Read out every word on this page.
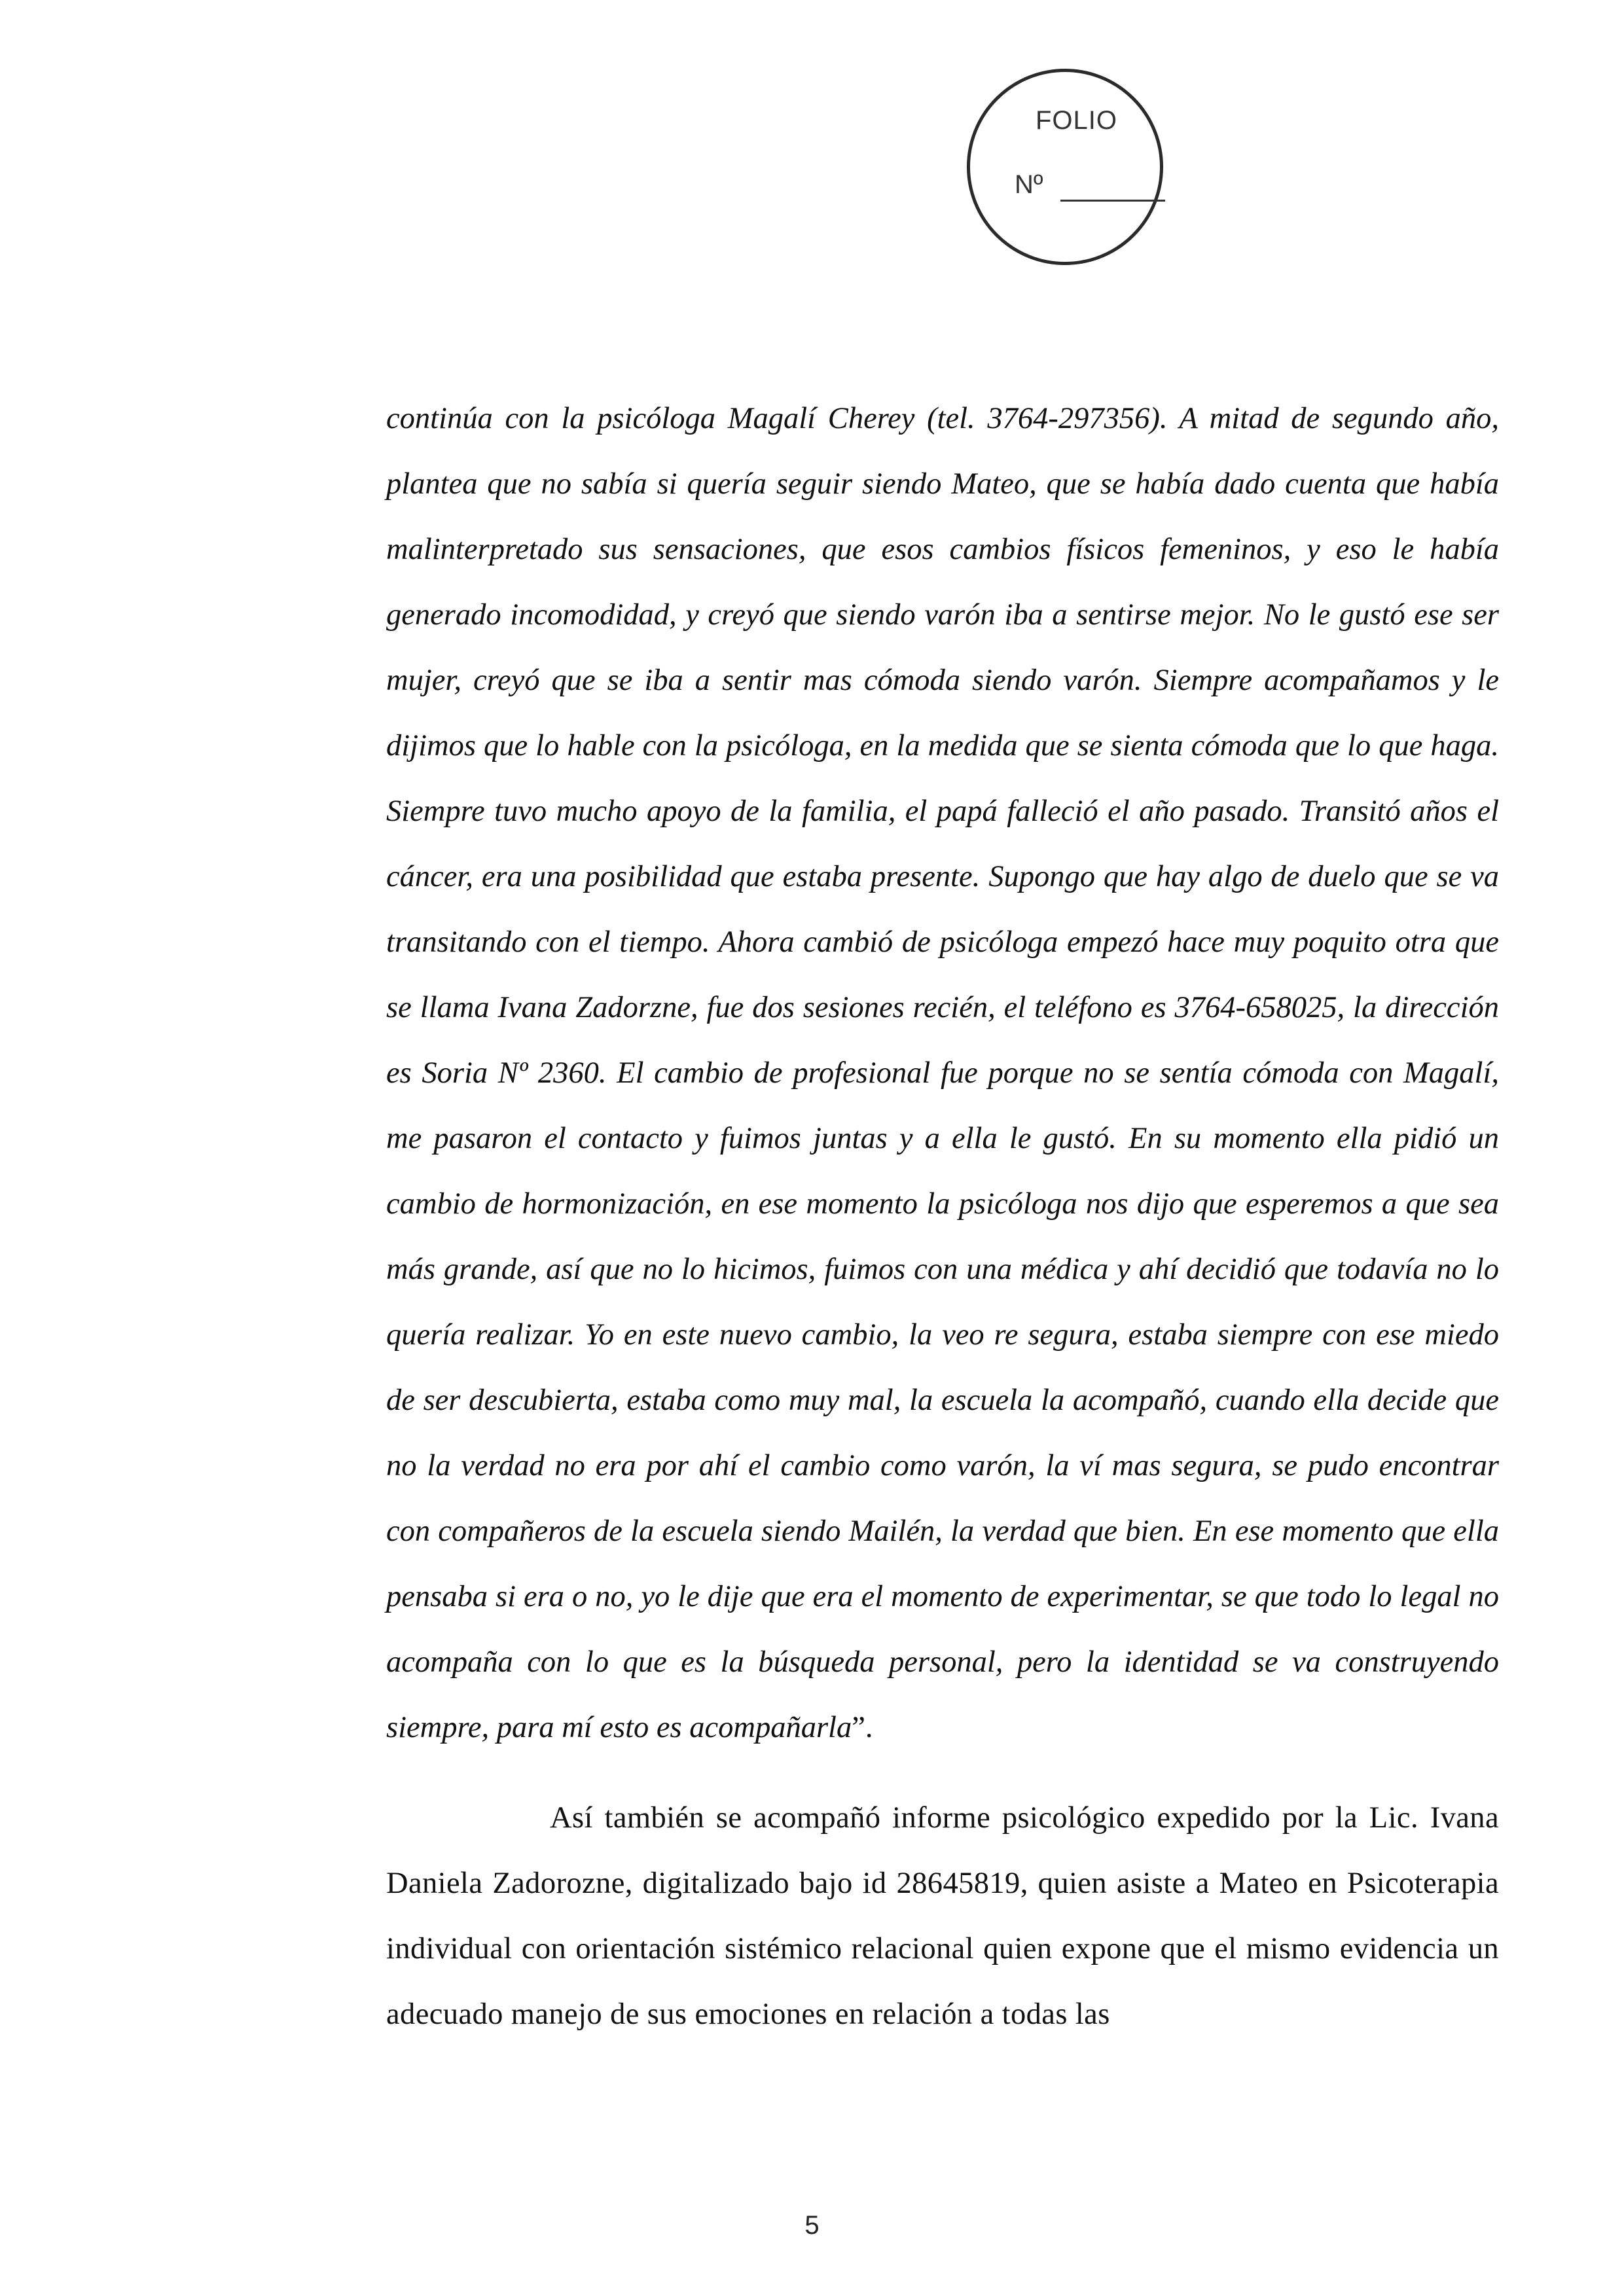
FOLIO
Nº

continúa con la psicóloga Magalí Cherey (tel. 3764-297356). A mitad de segundo año, plantea que no sabía si quería seguir siendo Mateo, que se había dado cuenta que había malinterpretado sus sensaciones, que esos cambios físicos femeninos, y eso le había generado incomodidad, y creyó que siendo varón iba a sentirse mejor. No le gustó ese ser mujer, creyó que se iba a sentir mas cómoda siendo varón. Siempre acompañamos y le dijimos que lo hable con la psicóloga, en la medida que se sienta cómoda que lo que haga. Siempre tuvo mucho apoyo de la familia, el papá falleció el año pasado. Transitó años el cáncer, era una posibilidad que estaba presente. Supongo que hay algo de duelo que se va transitando con el tiempo. Ahora cambió de psicóloga empezó hace muy poquito otra que se llama Ivana Zadorzne, fue dos sesiones recién, el teléfono es 3764-658025, la dirección es Soria Nº 2360. El cambio de profesional fue porque no se sentía cómoda con Magalí, me pasaron el contacto y fuimos juntas y a ella le gustó. En su momento ella pidió un cambio de hormonización, en ese momento la psicóloga nos dijo que esperemos a que sea más grande, así que no lo hicimos, fuimos con una médica y ahí decidió que todavía no lo quería realizar. Yo en este nuevo cambio, la veo re segura, estaba siempre con ese miedo de ser descubierta, estaba como muy mal, la escuela la acompañó, cuando ella decide que no la verdad no era por ahí el cambio como varón, la ví mas segura, se pudo encontrar con compañeros de la escuela siendo Mailén, la verdad que bien. En ese momento que ella pensaba si era o no, yo le dije que era el momento de experimentar, se que todo lo legal no acompaña con lo que es la búsqueda personal, pero la identidad se va construyendo siempre, para mí esto es acompañarla”.

Así también se acompañó informe psicológico expedido por la Lic. Ivana Daniela Zadorozne, digitalizado bajo id 28645819, quien asiste a Mateo en Psicoterapia individual con orientación sistémico relacional quien expone que el mismo evidencia un adecuado manejo de sus emociones en relación a todas las

5
